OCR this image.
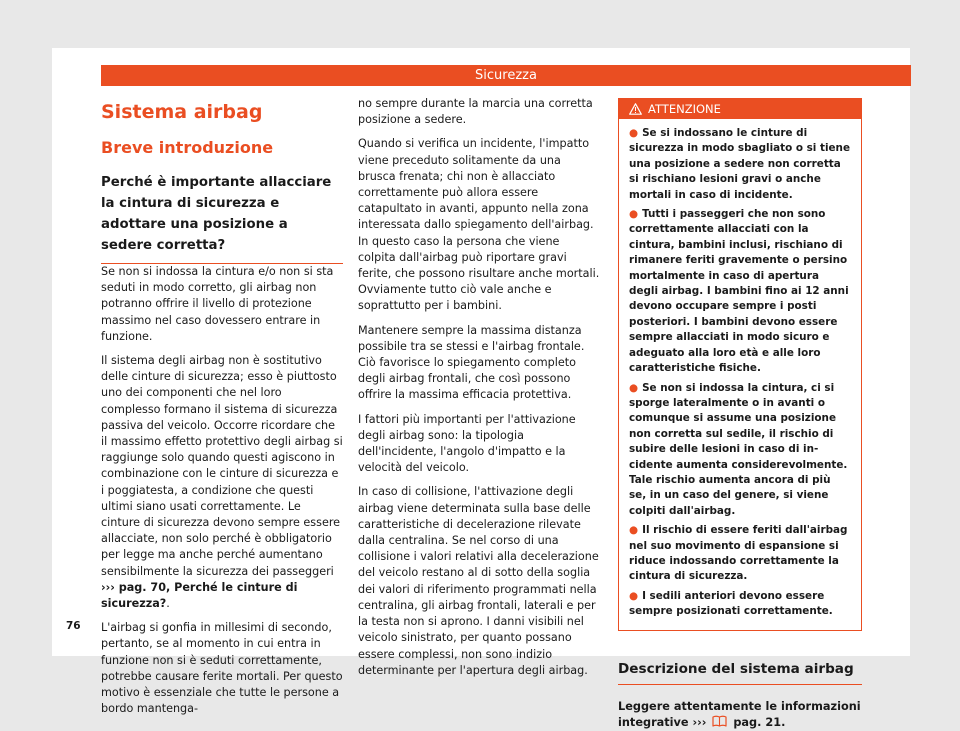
Sicurezza
Sistema airbag
Breve introduzione
Perché è importante allacciare la cintura di sicurezza e adottare una posizione a sedere corretta?

Se non si indossa la cintura e/o non si sta seduti in modo corretto, gli airbag non potranno offrire il livello di protezione massimo nel caso dovessero entrare in funzione.

Il sistema degli airbag non è sostitutivo delle cinture di sicurezza; esso è piuttosto uno dei componenti che nel loro complesso formano il sistema di sicurezza passiva del veicolo. Occorre ricordare che il massimo effetto protettivo degli airbag si raggiunge solo quando questi agiscono in combinazione con le cinture di sicurezza e i poggiatesta, a condizione che questi ultimi siano usati correttamente. Le cinture di sicurezza devono sempre essere allacciate, non solo perché è obbligatorio per legge ma anche perché aumentano sensibilmente la sicurezza dei passeggeri ››› pag. 70, Perché le cinture di sicurezza?.

L'airbag si gonfia in millesimi di secondo, pertanto, se al momento in cui entra in funzione non si è seduti correttamente, potrebbe causare ferite mortali. Per questo motivo è essenziale che tutte le persone a bordo mantenga-

no sempre durante la marcia una corretta posizione a sedere.

Quando si verifica un incidente, l'impatto viene preceduto solitamente da una brusca frenata; chi non è allacciato correttamente può allora essere catapultato in avanti, appunto nella zona interessata dallo spiegamento dell'airbag. In questo caso la persona che viene colpita dall'airbag può riportare gravi ferite, che possono risultare anche mortali. Ovviamente tutto ciò vale anche e soprattutto per i bambini.

Mantenere sempre la massima distanza possibile tra se stessi e l'airbag frontale. Ciò favorisce lo spiegamento completo degli airbag frontali, che così possono offrire la massima efficacia protettiva.

I fattori più importanti per l'attivazione degli airbag sono: la tipologia dell'incidente, l'angolo d'impatto e la velocità del veicolo.

In caso di collisione, l'attivazione degli airbag viene determinata sulla base delle caratteristiche di decelerazione rilevate dalla centralina. Se nel corso di una collisione i valori relativi alla decelerazione del veicolo restano al di sotto della soglia dei valori di riferimento programmati nella centralina, gli airbag frontali, laterali e per la testa non si aprono. I danni visibili nel veicolo sinistrato, per quanto possano essere complessi, non sono indizio determinante per l'apertura degli airbag.

ATTENZIONE
● Se si indossano le cinture di sicurezza in modo sbagliato o si tiene una posizione a sedere non corretta si rischiano lesioni gravi o anche mortali in caso di incidente.
● Tutti i passeggeri che non sono correttamente allacciati con la cintura, bambini inclusi, rischiano di rimanere feriti gravemente o persino mortalmente in caso di apertura degli airbag. I bambini fino ai 12 anni devono occupare sempre i posti posteriori. I bambini devono essere sempre allacciati in modo sicuro e adeguato alla loro età e alle loro caratteristiche fisiche.
● Se non si indossa la cintura, ci si sporge lateralmente o in avanti o comunque si assume una posizione non corretta sul sedile, il rischio di subire delle lesioni in caso di incidente aumenta considerevolmente. Tale rischio aumenta ancora di più se, in un caso del genere, si viene colpiti dall'airbag.
● Il rischio di essere feriti dall'airbag nel suo movimento di espansione si riduce indossando correttamente la cintura di sicurezza.
● I sedili anteriori devono essere sempre posizionati correttamente.
Descrizione del sistema airbag
Leggere attentamente le informazioni integrative ››› pag. 21.
76
